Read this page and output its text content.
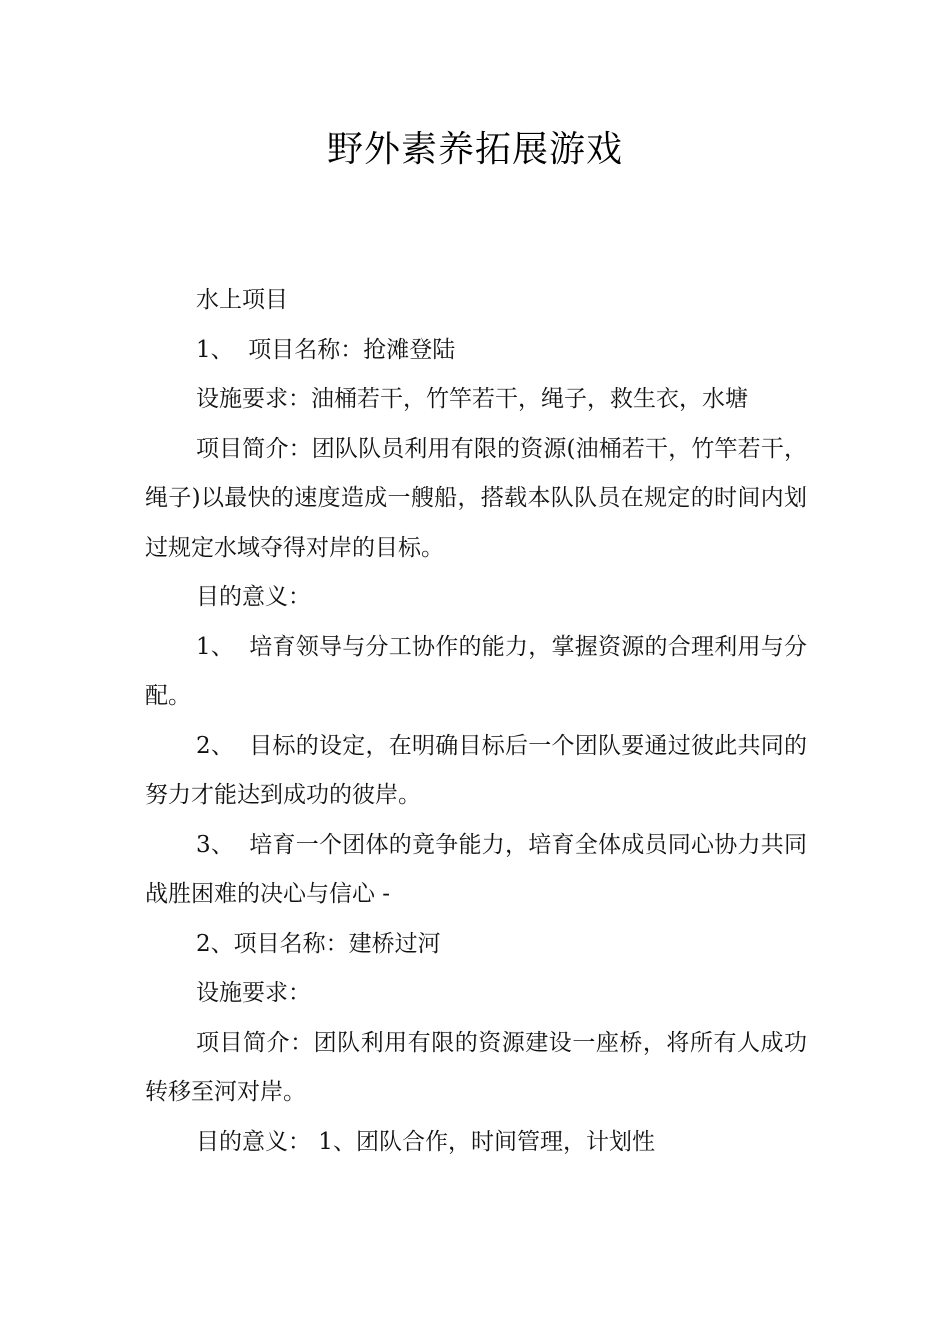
野外素养拓展游戏

水上项目

1、  项目名称：抢滩登陆

设施要求：油桶若干，竹竿若干，绳子，救生衣，水塘

项目简介：团队队员利用有限的资源(油桶若干，竹竿若干，绳子)以最快的速度造成一艘船，搭载本队队员在规定的时间内划过规定水域夺得对岸的目标。

目的意义：

1、  培育领导与分工协作的能力，掌握资源的合理利用与分配。

2、  目标的设定，在明确目标后一个团队要通过彼此共同的努力才能达到成功的彼岸。

3、  培育一个团体的竟争能力，培育全体成员同心协力共同战胜困难的决心与信心 -

2、项目名称：建桥过河

设施要求：

项目简介：团队利用有限的资源建设一座桥，将所有人成功转移至河对岸。

目的意义： 1、团队合作，时间管理，计划性
